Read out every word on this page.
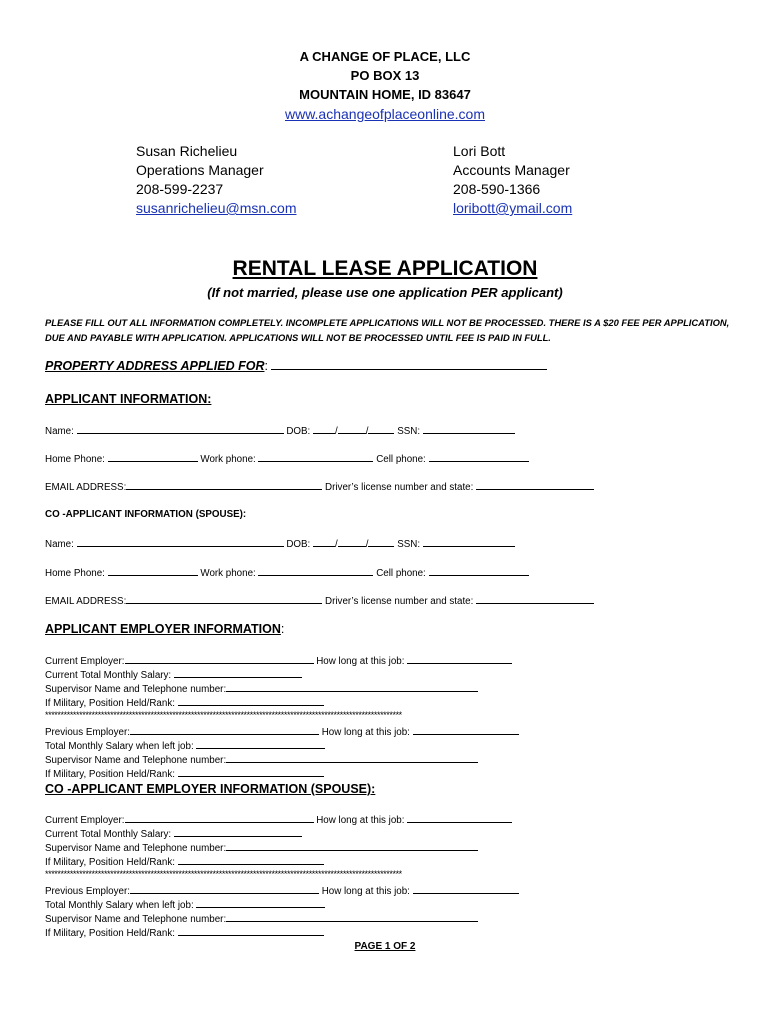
A CHANGE OF PLACE, LLC
PO BOX 13
MOUNTAIN HOME, ID 83647
www.achangeofplaceonline.com
Susan Richelieu
Operations Manager
208-599-2237
susanrichelieu@msn.com
Lori Bott
Accounts Manager
208-590-1366
loribott@ymail.com
RENTAL LEASE APPLICATION
(If not married, please use one application PER applicant)
PLEASE FILL OUT ALL INFORMATION COMPLETELY. INCOMPLETE APPLICATIONS WILL NOT BE PROCESSED. THERE IS A $20 FEE PER APPLICATION,
DUE AND PAYABLE WITH APPLICATION. APPLICATIONS WILL NOT BE PROCESSED UNTIL FEE IS PAID IN FULL.
PROPERTY ADDRESS APPLIED FOR:
APPLICANT INFORMATION:
Name:	DOB:	/	/	SSN:
Home Phone:	Work phone:	Cell phone:
EMAIL ADDRESS:	Driver’s license number and state:
CO -APPLICANT INFORMATION (SPOUSE):
Name:	DOB:	/	/	SSN:
Home Phone:	Work phone:	Cell phone:
EMAIL ADDRESS:	Driver’s license number and state:
APPLICANT EMPLOYER INFORMATION:
Current Employer:	How long at this job:
Current Total Monthly Salary:
Supervisor Name and Telephone number:
If Military, Position Held/Rank:
*******************************************************************************************************************
Previous Employer:	How long at this job:
Total Monthly Salary when left job:
Supervisor Name and Telephone number:
If Military, Position Held/Rank:
CO -APPLICANT EMPLOYER INFORMATION (SPOUSE):
Current Employer:	How long at this job:
Current Total Monthly Salary:
Supervisor Name and Telephone number:
If Military, Position Held/Rank:
*******************************************************************************************************************
Previous Employer:	How long at this job:
Total Monthly Salary when left job:
Supervisor Name and Telephone number:
If Military, Position Held/Rank:
PAGE 1 OF 2
